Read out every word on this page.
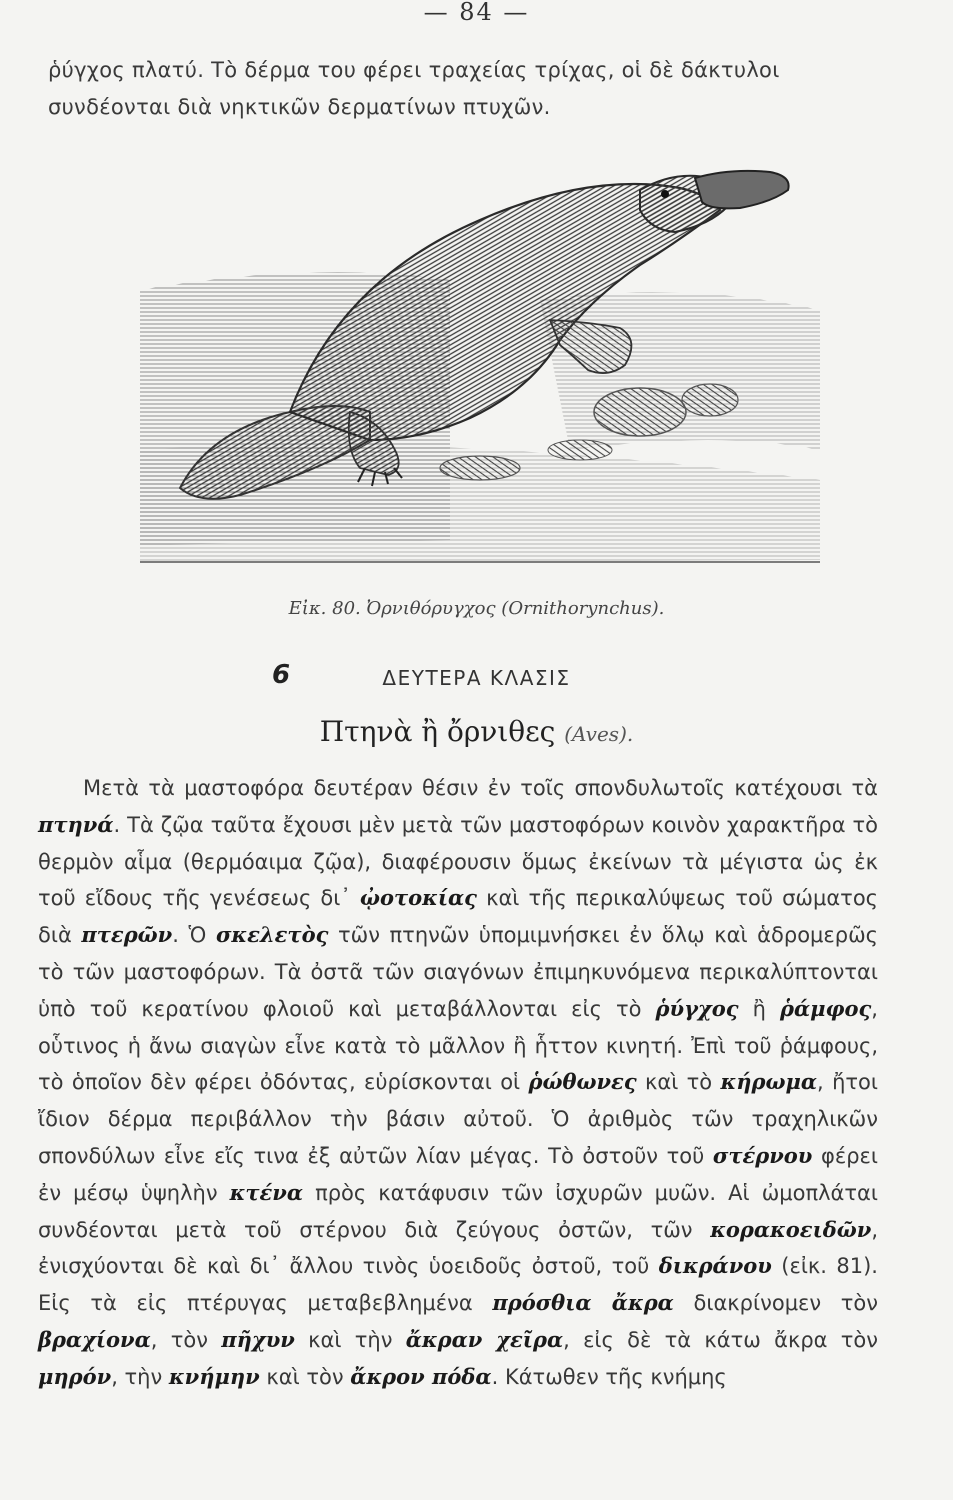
— 84 —

ῥύγχος πλατύ. Τὸ δέρμα του φέρει τραχείας τρίχας, οἱ δὲ δάκτυλοι συνδέονται διὰ νηκτικῶν δερματίνων πτυχῶν.

Εἰκ. 80. Ὀρνιθόρυγχος (Ornithorynchus).
6	ΔΕΥΤΕΡΑ ΚΛΑΣΙΣ
Πτηνὰ ἢ ὄρνιθες (Aves).

Μετὰ τὰ μαστοφόρα δευτέραν θέσιν ἐν τοῖς σπονδυλωτοῖς κατέχουσι τὰ πτηνά. Τὰ ζῷα ταῦτα ἔχουσι μὲν μετὰ τῶν μαστοφόρων κοινὸν χαρακτῆρα τὸ θερμὸν αἷμα (θερμόαιμα ζῷα), διαφέρουσιν ὅμως ἐκείνων τὰ μέγιστα ὡς ἐκ τοῦ εἴδους τῆς γενέσεως δι᾽ ᾠοτοκίας καὶ τῆς περικαλύψεως τοῦ σώματος διὰ πτερῶν. Ὁ σκελετὸς τῶν πτηνῶν ὑπομιμνήσκει ἐν ὅλῳ καὶ ἁδρομερῶς τὸ τῶν μαστοφόρων. Τὰ ὀστᾶ τῶν σιαγόνων ἐπιμηκυνόμενα περικαλύπτονται ὑπὸ τοῦ κερατίνου φλοιοῦ καὶ μεταβάλλονται εἰς τὸ ῥύγχος ἢ ῥάμφος, οὗτινος ἡ ἄνω σιαγὼν εἶνε κατὰ τὸ μᾶλλον ἢ ἧττον κινητή. Ἐπὶ τοῦ ῥάμφους, τὸ ὁποῖον δὲν φέρει ὀδόντας, εὑρίσκονται οἱ ῥώθωνες καὶ τὸ κήρωμα, ἤτοι ἴδιον δέρμα περιβάλλον τὴν βάσιν αὐτοῦ. Ὁ ἀριθμὸς τῶν τραχηλικῶν σπονδύλων εἶνε εἴς τινα ἐξ αὐτῶν λίαν μέγας. Τὸ ὀστοῦν τοῦ στέρνου φέρει ἐν μέσῳ ὑψηλὴν κτένα πρὸς κατάφυσιν τῶν ἰσχυρῶν μυῶν. Αἱ ὠμοπλάται συνδέονται μετὰ τοῦ στέρνου διὰ ζεύγους ὀστῶν, τῶν κορακοειδῶν, ἐνισχύονται δὲ καὶ δι᾽ ἄλλου τινὸς ὑοειδοῦς ὀστοῦ, τοῦ δικράνου (εἰκ. 81). Εἰς τὰ εἰς πτέρυγας μεταβεβλημένα πρόσθια ἄκρα διακρίνομεν τὸν βραχίονα, τὸν πῆχυν καὶ τὴν ἄκραν χεῖρα, εἰς δὲ τὰ κάτω ἄκρα τὸν μηρόν, τὴν κνήμην καὶ τὸν ἄκρον πόδα. Κάτωθεν τῆς κνήμης
